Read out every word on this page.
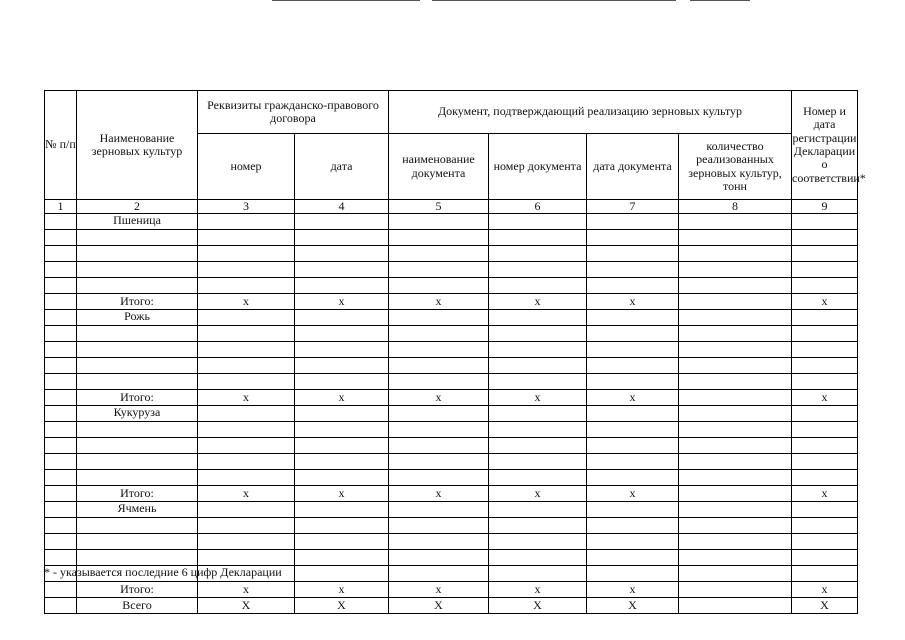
№ п/п	Наименование зерновых культур	Реквизиты гражданско-правового договора		Документ, подтверждающий реализацию зерновых культур				Номер и дата регистрации Декларации о соответствии*
		номер	дата	наименование документа	номер документа	дата документа	количество реализованных зерновых культур, тонн	
1	2	3	4	5	6	7	8	9
	Пшеница							

	Итого:	x	x	x	x	x		x
	Рожь							

	Итого:	x	x	x	x	x		x
	Кукуруза							

	Итого:	x	x	x	x	x		x
	Ячмень							

	Итого:	x	x	x	x	x		x
	Всего	X	X	X	X	X		X
* - указывается последние 6 цифр Декларации
